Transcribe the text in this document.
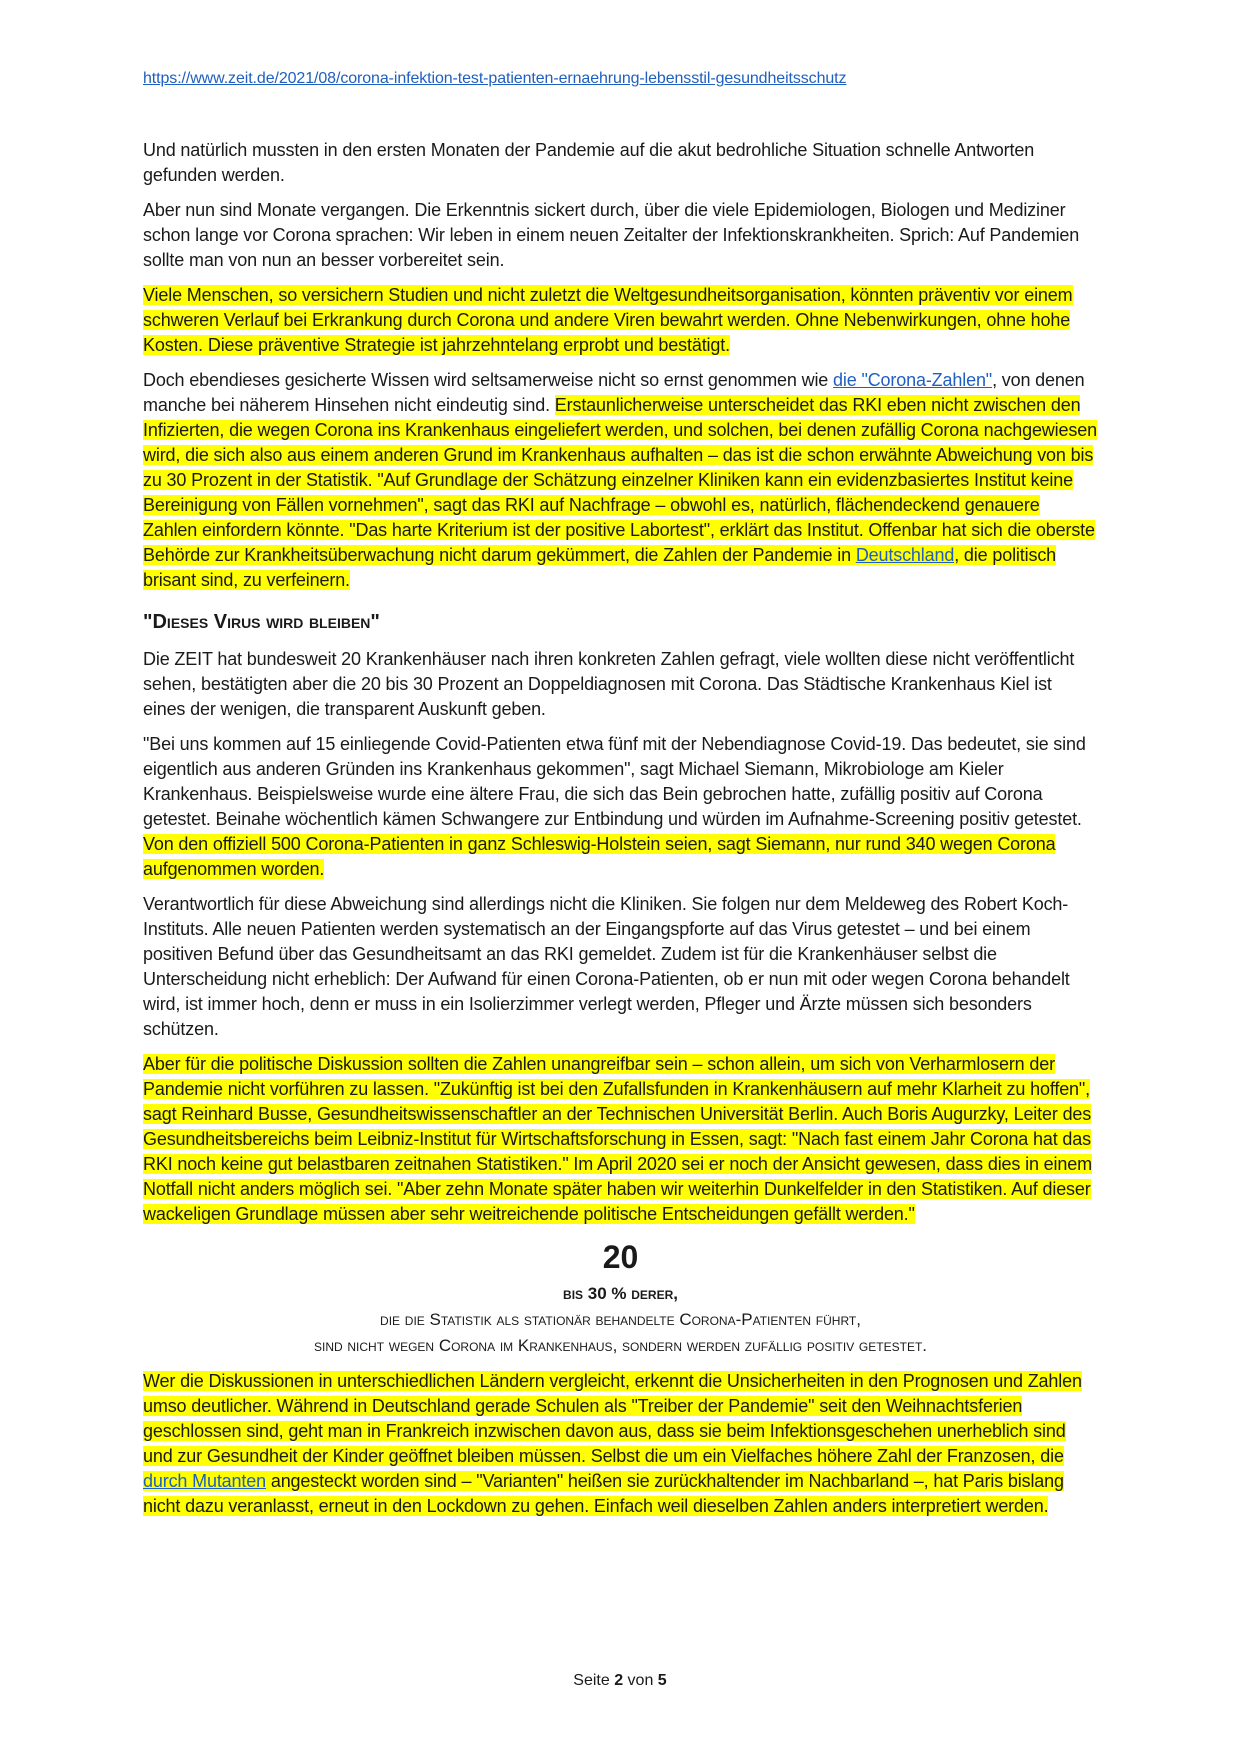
https://www.zeit.de/2021/08/corona-infektion-test-patienten-ernaehrung-lebensstil-gesundheitsschutz

Und natürlich mussten in den ersten Monaten der Pandemie auf die akut bedrohliche Situation schnelle Antworten gefunden werden.

Aber nun sind Monate vergangen. Die Erkenntnis sickert durch, über die viele Epidemiologen, Biologen und Mediziner schon lange vor Corona sprachen: Wir leben in einem neuen Zeitalter der Infektionskrankheiten. Sprich: Auf Pandemien sollte man von nun an besser vorbereitet sein.

Viele Menschen, so versichern Studien und nicht zuletzt die Weltgesundheitsorganisation, könnten präventiv vor einem schweren Verlauf bei Erkrankung durch Corona und andere Viren bewahrt werden. Ohne Nebenwirkungen, ohne hohe Kosten. Diese präventive Strategie ist jahrzehntelang erprobt und bestätigt.

Doch ebendieses gesicherte Wissen wird seltsamerweise nicht so ernst genommen wie die "Corona-Zahlen", von denen manche bei näherem Hinsehen nicht eindeutig sind. Erstaunlicherweise unterscheidet das RKI eben nicht zwischen den Infizierten, die wegen Corona ins Krankenhaus eingeliefert werden, und solchen, bei denen zufällig Corona nachgewiesen wird, die sich also aus einem anderen Grund im Krankenhaus aufhalten – das ist die schon erwähnte Abweichung von bis zu 30 Prozent in der Statistik. "Auf Grundlage der Schätzung einzelner Kliniken kann ein evidenzbasiertes Institut keine Bereinigung von Fällen vornehmen", sagt das RKI auf Nachfrage – obwohl es, natürlich, flächendeckend genauere Zahlen einfordern könnte. "Das harte Kriterium ist der positive Labortest", erklärt das Institut. Offenbar hat sich die oberste Behörde zur Krankheitsüberwachung nicht darum gekümmert, die Zahlen der Pandemie in Deutschland, die politisch brisant sind, zu verfeinern.

"Dieses Virus wird bleiben"

Die ZEIT hat bundesweit 20 Krankenhäuser nach ihren konkreten Zahlen gefragt, viele wollten diese nicht veröffentlicht sehen, bestätigten aber die 20 bis 30 Prozent an Doppeldiagnosen mit Corona. Das Städtische Krankenhaus Kiel ist eines der wenigen, die transparent Auskunft geben.

"Bei uns kommen auf 15 einliegende Covid-Patienten etwa fünf mit der Nebendiagnose Covid-19. Das bedeutet, sie sind eigentlich aus anderen Gründen ins Krankenhaus gekommen", sagt Michael Siemann, Mikrobiologe am Kieler Krankenhaus. Beispielsweise wurde eine ältere Frau, die sich das Bein gebrochen hatte, zufällig positiv auf Corona getestet. Beinahe wöchentlich kämen Schwangere zur Entbindung und würden im Aufnahme-Screening positiv getestet. Von den offiziell 500 Corona-Patienten in ganz Schleswig-Holstein seien, sagt Siemann, nur rund 340 wegen Corona aufgenommen worden.

Verantwortlich für diese Abweichung sind allerdings nicht die Kliniken. Sie folgen nur dem Meldeweg des Robert Koch-Instituts. Alle neuen Patienten werden systematisch an der Eingangspforte auf das Virus getestet – und bei einem positiven Befund über das Gesundheitsamt an das RKI gemeldet. Zudem ist für die Krankenhäuser selbst die Unterscheidung nicht erheblich: Der Aufwand für einen Corona-Patienten, ob er nun mit oder wegen Corona behandelt wird, ist immer hoch, denn er muss in ein Isolierzimmer verlegt werden, Pfleger und Ärzte müssen sich besonders schützen.

Aber für die politische Diskussion sollten die Zahlen unangreifbar sein – schon allein, um sich von Verharmlosern der Pandemie nicht vorführen zu lassen. "Zukünftig ist bei den Zufallsfunden in Krankenhäusern auf mehr Klarheit zu hoffen", sagt Reinhard Busse, Gesundheitswissenschaftler an der Technischen Universität Berlin. Auch Boris Augurzky, Leiter des Gesundheitsbereichs beim Leibniz-Institut für Wirtschaftsforschung in Essen, sagt: "Nach fast einem Jahr Corona hat das RKI noch keine gut belastbaren zeitnahen Statistiken." Im April 2020 sei er noch der Ansicht gewesen, dass dies in einem Notfall nicht anders möglich sei. "Aber zehn Monate später haben wir weiterhin Dunkelfelder in den Statistiken. Auf dieser wackeligen Grundlage müssen aber sehr weitreichende politische Entscheidungen gefällt werden."

20
bis 30 % derer,
die die Statistik als stationär behandelte Corona-Patienten führt,
sind nicht wegen Corona im Krankenhaus, sondern werden zufällig positiv getestet.

Wer die Diskussionen in unterschiedlichen Ländern vergleicht, erkennt die Unsicherheiten in den Prognosen und Zahlen umso deutlicher. Während in Deutschland gerade Schulen als "Treiber der Pandemie" seit den Weihnachtsferien geschlossen sind, geht man in Frankreich inzwischen davon aus, dass sie beim Infektionsgeschehen unerheblich sind und zur Gesundheit der Kinder geöffnet bleiben müssen. Selbst die um ein Vielfaches höhere Zahl der Franzosen, die durch Mutanten angesteckt worden sind – "Varianten" heißen sie zurückhaltender im Nachbarland –, hat Paris bislang nicht dazu veranlasst, erneut in den Lockdown zu gehen. Einfach weil dieselben Zahlen anders interpretiert werden.

Seite 2 von 5
